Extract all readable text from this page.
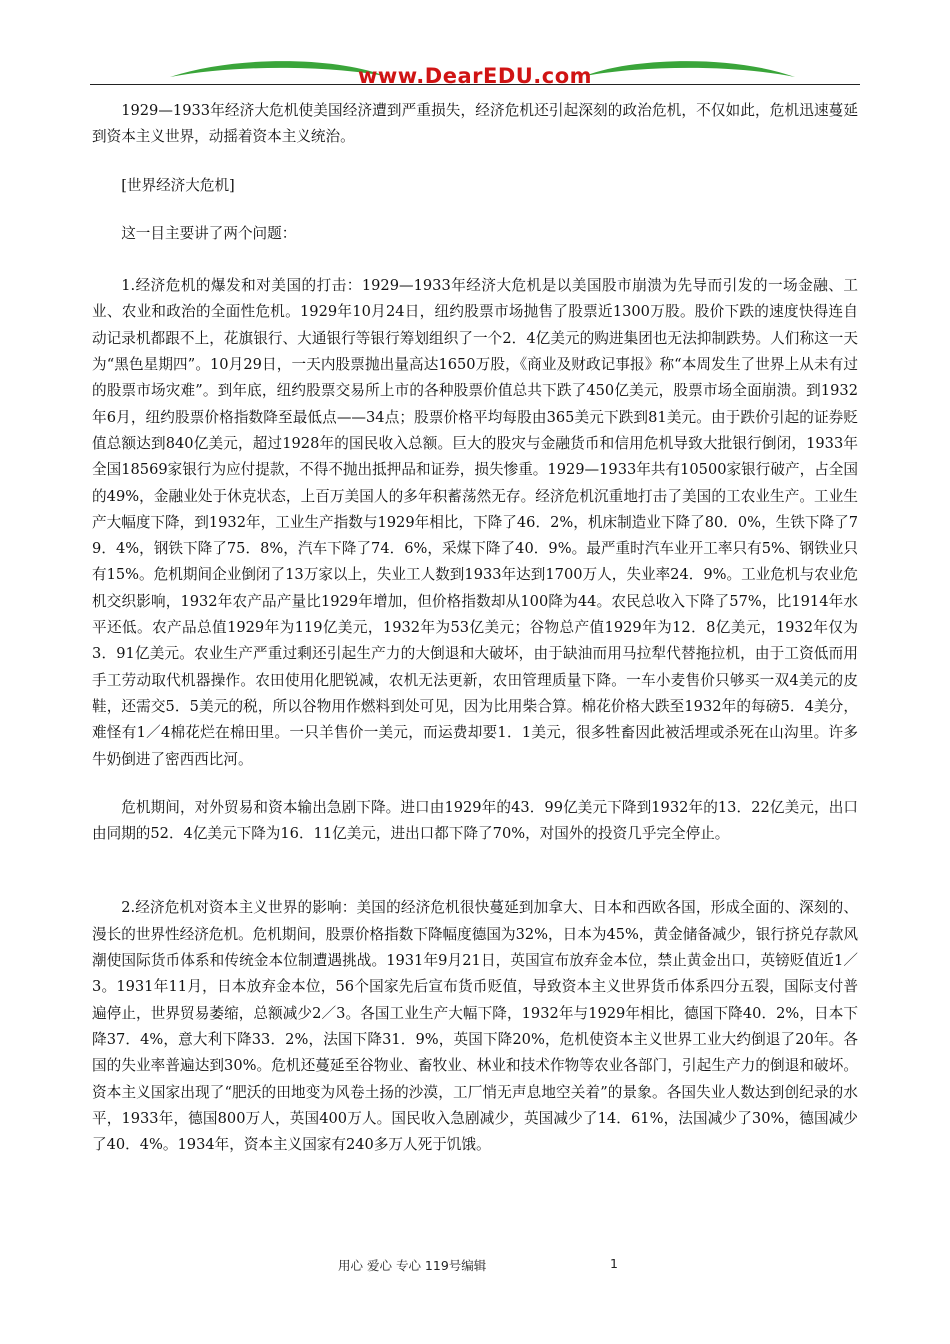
www.DearEDU.com

1929—1933年经济大危机使美国经济遭到严重损失，经济危机还引起深刻的政治危机，不仅如此，危机迅速蔓延到资本主义世界，动摇着资本主义统治。

[世界经济大危机]

这一目主要讲了两个问题：

1.经济危机的爆发和对美国的打击：1929—1933年经济大危机是以美国股市崩溃为先导而引发的一场金融、工业、农业和政治的全面性危机。1929年10月24日，纽约股票市场抛售了股票近1300万股。股价下跌的速度快得连自动记录机都跟不上，花旗银行、大通银行等银行筹划组织了一个2．4亿美元的购进集团也无法抑制跌势。人们称这一天为“黑色星期四”。10月29日，一天内股票抛出量高达1650万股，《商业及财政记事报》称“本周发生了世界上从未有过的股票市场灾难”。到年底，纽约股票交易所上市的各种股票价值总共下跌了450亿美元，股票市场全面崩溃。到1932年6月，纽约股票价格指数降至最低点——34点；股票价格平均每股由365美元下跌到81美元。由于跌价引起的证券贬值总额达到840亿美元，超过1928年的国民收入总额。巨大的股灾与金融货币和信用危机导致大批银行倒闭，1933年全国18569家银行为应付提款，不得不抛出抵押品和证券，损失惨重。1929—1933年共有10500家银行破产，占全国的49%，金融业处于休克状态，上百万美国人的多年积蓄荡然无存。经济危机沉重地打击了美国的工农业生产。工业生产大幅度下降，到1932年，工业生产指数与1929年相比，下降了46．2%，机床制造业下降了80．0%，生铁下降了79．4%，钢铁下降了75．8%，汽车下降了74．6%，采煤下降了40．9%。最严重时汽车业开工率只有5%、钢铁业只有15%。危机期间企业倒闭了13万家以上，失业工人数到1933年达到1700万人，失业率24．9%。工业危机与农业危机交织影响，1932年农产品产量比1929年增加，但价格指数却从100降为44。农民总收入下降了57%，比1914年水平还低。农产品总值1929年为119亿美元，1932年为53亿美元；谷物总产值1929年为12．8亿美元，1932年仅为3．91亿美元。农业生产严重过剩还引起生产力的大倒退和大破坏，由于缺油而用马拉犁代替拖拉机，由于工资低而用手工劳动取代机器操作。农田使用化肥锐减，农机无法更新，农田管理质量下降。一车小麦售价只够买一双4美元的皮鞋，还需交5．5美元的税，所以谷物用作燃料到处可见，因为比用柴合算。棉花价格大跌至1932年的每磅5．4美分，难怪有1／4棉花烂在棉田里。一只羊售价一美元，而运费却要1．1美元，很多牲畜因此被活埋或杀死在山沟里。许多牛奶倒进了密西西比河。

危机期间，对外贸易和资本输出急剧下降。进口由1929年的43．99亿美元下降到1932年的13．22亿美元，出口由同期的52．4亿美元下降为16．11亿美元，进出口都下降了70%，对国外的投资几乎完全停止。

2.经济危机对资本主义世界的影响：美国的经济危机很快蔓延到加拿大、日本和西欧各国，形成全面的、深刻的、漫长的世界性经济危机。危机期间，股票价格指数下降幅度德国为32%，日本为45%，黄金储备减少，银行挤兑存款风潮使国际货币体系和传统金本位制遭遇挑战。1931年9月21日，英国宣布放弃金本位，禁止黄金出口，英镑贬值近1／3。1931年11月，日本放弃金本位，56个国家先后宣布货币贬值，导致资本主义世界货币体系四分五裂，国际支付普遍停止，世界贸易萎缩，总额减少2／3。各国工业生产大幅下降，1932年与1929年相比，德国下降40．2%，日本下降37．4%，意大利下降33．2%，法国下降31．9%，英国下降20%，危机使资本主义世界工业大约倒退了20年。各国的失业率普遍达到30%。危机还蔓延至谷物业、畜牧业、林业和技术作物等农业各部门，引起生产力的倒退和破坏。资本主义国家出现了“肥沃的田地变为风卷土扬的沙漠，工厂悄无声息地空关着”的景象。各国失业人数达到创纪录的水平，1933年，德国800万人，英国400万人。国民收入急剧减少，英国减少了14．61%，法国减少了30%，德国减少了40．4%。1934年，资本主义国家有240多万人死于饥饿。

用心 爱心 专心 119号编辑	1
